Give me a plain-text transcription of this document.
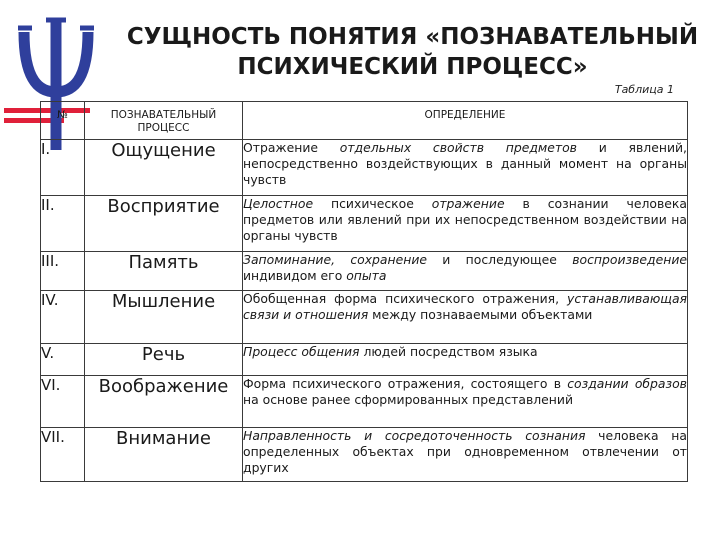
СУЩНОСТЬ ПОНЯТИЯ «ПОЗНАВАТЕЛЬНЫЙ
ПСИХИЧЕСКИЙ ПРОЦЕСС»
Таблица 1
№	ПОЗНАВАТЕЛЬНЫЙ ПРОЦЕСС	ОПРЕДЕЛЕНИЕ
I.	Ощущение	Отражение отдельных свойств предметов и явлений, непосредственно воздействующих в данный момент на органы чувств
II.	Восприятие	Целостное психическое отражение в сознании человека предметов или явлений при их непосредственном воздействии на органы чувств
III.	Память	Запоминание, сохранение и последующее воспроизведение индивидом его опыта
IV.	Мышление	Обобщенная форма психического отражения, устанавливающая связи и отношения между познаваемыми объектами
V.	Речь	Процесс общения людей посредством языка
VI.	Воображение	Форма психического отражения, состоящего в создании образов на основе ранее сформированных представлений
VII.	Внимание	Направленность и сосредоточенность сознания человека на определенных объектах при одновременном отвлечении от других
